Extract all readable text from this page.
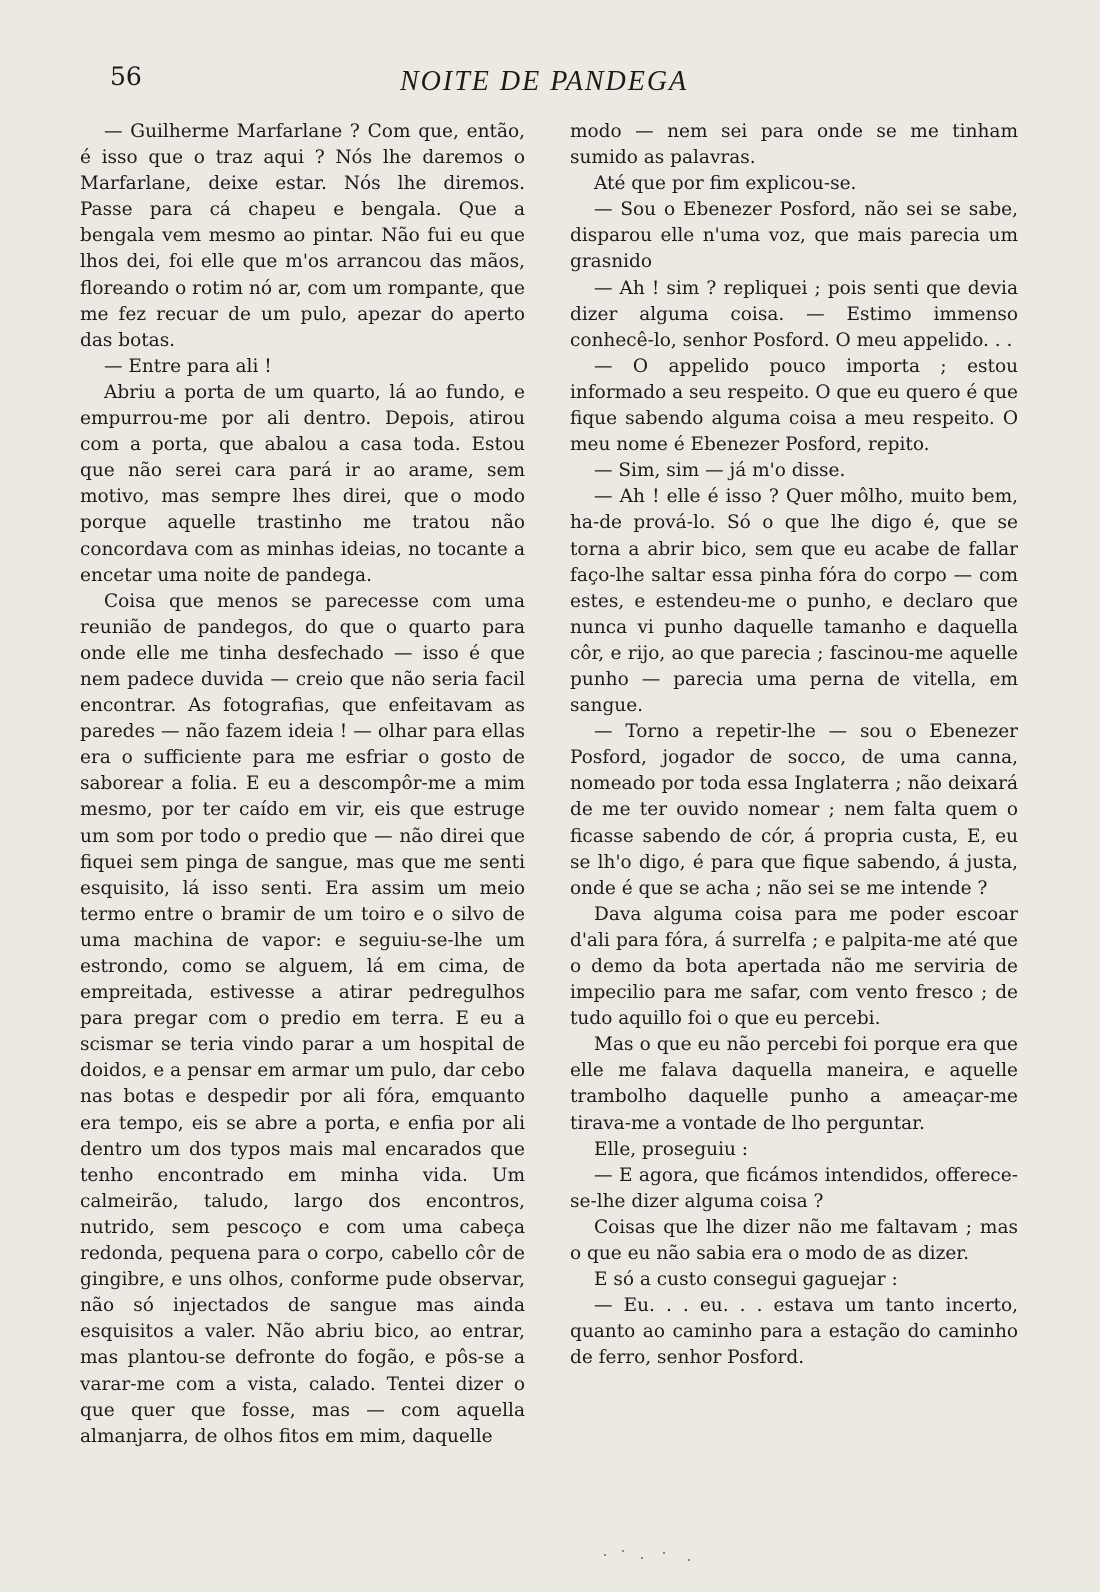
56	NOITE DE PANDEGA

— Guilherme Marfarlane ? Com que, então, é isso que o traz aqui ? Nós lhe daremos o Marfarlane, deixe estar. Nós lhe diremos. Passe para cá chapeu e bengala. Que a bengala vem mesmo ao pintar. Não fui eu que lhos dei, foi elle que m'os arrancou das mãos, floreando o rotim nó ar, com um rompante, que me fez recuar de um pulo, apezar do aperto das botas.

— Entre para ali !

Abriu a porta de um quarto, lá ao fundo, e empurrou-me por ali dentro. Depois, atirou com a porta, que abalou a casa toda. Estou que não serei cara pará ir ao arame, sem motivo, mas sempre lhes direi, que o modo porque aquelle trastinho me tratou não concordava com as minhas ideias, no tocante a encetar uma noite de pandega.

Coisa que menos se parecesse com uma reunião de pandegos, do que o quarto para onde elle me tinha desfechado — isso é que nem padece duvida — creio que não seria facil encontrar. As fotografias, que enfeitavam as paredes — não fazem ideia ! — olhar para ellas era o sufficiente para me esfriar o gosto de saborear a folia. E eu a descompôr-me a mim mesmo, por ter caído em vir, eis que estruge um som por todo o predio que — não direi que fiquei sem pinga de sangue, mas que me senti esquisito, lá isso senti. Era assim um meio termo entre o bramir de um toiro e o silvo de uma machina de vapor: e seguiu-se-lhe um estrondo, como se alguem, lá em cima, de empreitada, estivesse a atirar pedregulhos para pregar com o predio em terra. E eu a scismar se teria vindo parar a um hospital de doidos, e a pensar em armar um pulo, dar cebo nas botas e despedir por ali fóra, emquanto era tempo, eis se abre a porta, e enfia por ali dentro um dos typos mais mal encarados que tenho encontrado em minha vida. Um calmeirão, taludo, largo dos encontros, nutrido, sem pescoço e com uma cabeça redonda, pequena para o corpo, cabello côr de gingibre, e uns olhos, conforme pude observar, não só injectados de sangue mas ainda esquisitos a valer. Não abriu bico, ao entrar, mas plantou-se defronte do fogão, e pôs-se a varar-me com a vista, calado. Tentei dizer o que quer que fosse, mas — com aquella almanjarra, de olhos fitos em mim, daquelle

modo — nem sei para onde se me tinham sumido as palavras.

Até que por fim explicou-se.

— Sou o Ebenezer Posford, não sei se sabe, disparou elle n'uma voz, que mais parecia um grasnido

— Ah ! sim ? repliquei ; pois senti que devia dizer alguma coisa. — Estimo immenso conhecê-lo, senhor Posford. O meu appelido. . .

— O appelido pouco importa ; estou informado a seu respeito. O que eu quero é que fique sabendo alguma coisa a meu respeito. O meu nome é Ebenezer Posford, repito.

— Sim, sim — já m'o disse.

— Ah ! elle é isso ? Quer môlho, muito bem, ha-de prová-lo. Só o que lhe digo é, que se torna a abrir bico, sem que eu acabe de fallar faço-lhe saltar essa pinha fóra do corpo — com estes, e estendeu-me o punho, e declaro que nunca vi punho daquelle tamanho e daquella côr, e rijo, ao que parecia ; fascinou-me aquelle punho — parecia uma perna de vitella, em sangue.

— Torno a repetir-lhe — sou o Ebenezer Posford, jogador de socco, de uma canna, nomeado por toda essa Inglaterra ; não deixará de me ter ouvido nomear ; nem falta quem o ficasse sabendo de cór, á propria custa, E, eu se lh'o digo, é para que fique sabendo, á justa, onde é que se acha ; não sei se me intende ?

Dava alguma coisa para me poder escoar d'ali para fóra, á surrelfa ; e palpita-me até que o demo da bota apertada não me serviria de impecilio para me safar, com vento fresco ; de tudo aquillo foi o que eu percebi.

Mas o que eu não percebi foi porque era que elle me falava daquella maneira, e aquelle trambolho daquelle punho a ameaçar-me tirava-me a vontade de lho perguntar.

Elle, proseguiu :

— E agora, que ficámos intendidos, offerece-se-lhe dizer alguma coisa ?

Coisas que lhe dizer não me faltavam ; mas o que eu não sabia era o modo de as dizer.

E só a custo consegui gaguejar :

— Eu. . . eu. . . estava um tanto incerto, quanto ao caminho para a estação do caminho de ferro, senhor Posford.
